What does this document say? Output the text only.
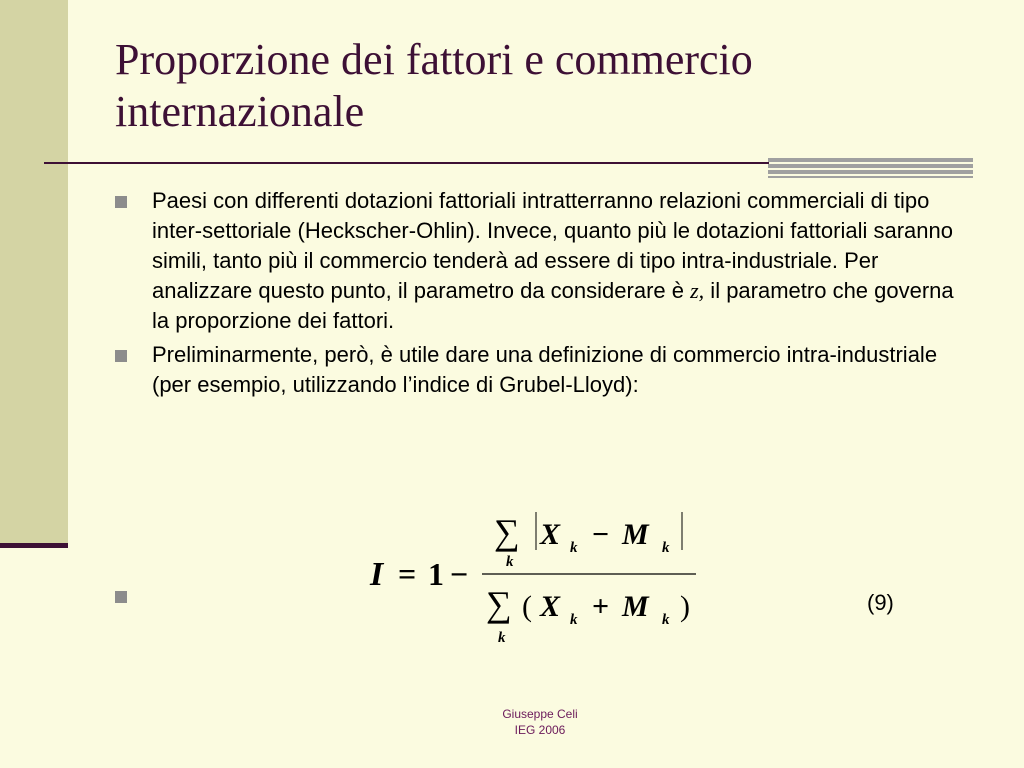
Proporzione dei fattori e commercio internazionale

Paesi con differenti dotazioni fattoriali intratterranno relazioni commerciali di tipo inter-settoriale (Heckscher-Ohlin). Invece, quanto più le dotazioni fattoriali saranno simili, tanto più il commercio tenderà ad essere di tipo intra-industriale. Per analizzare questo punto, il parametro da considerare è z, il parametro che governa la proporzione dei fattori.

Preliminarmente, però, è utile dare una definizione di commercio intra-industriale (per esempio, utilizzando l’indice di Grubel-Lloyd):

I = 1 −
∑
k
X k − M k
∑
k
( X k + M k )	(9)
Giuseppe Celi
IEG 2006
